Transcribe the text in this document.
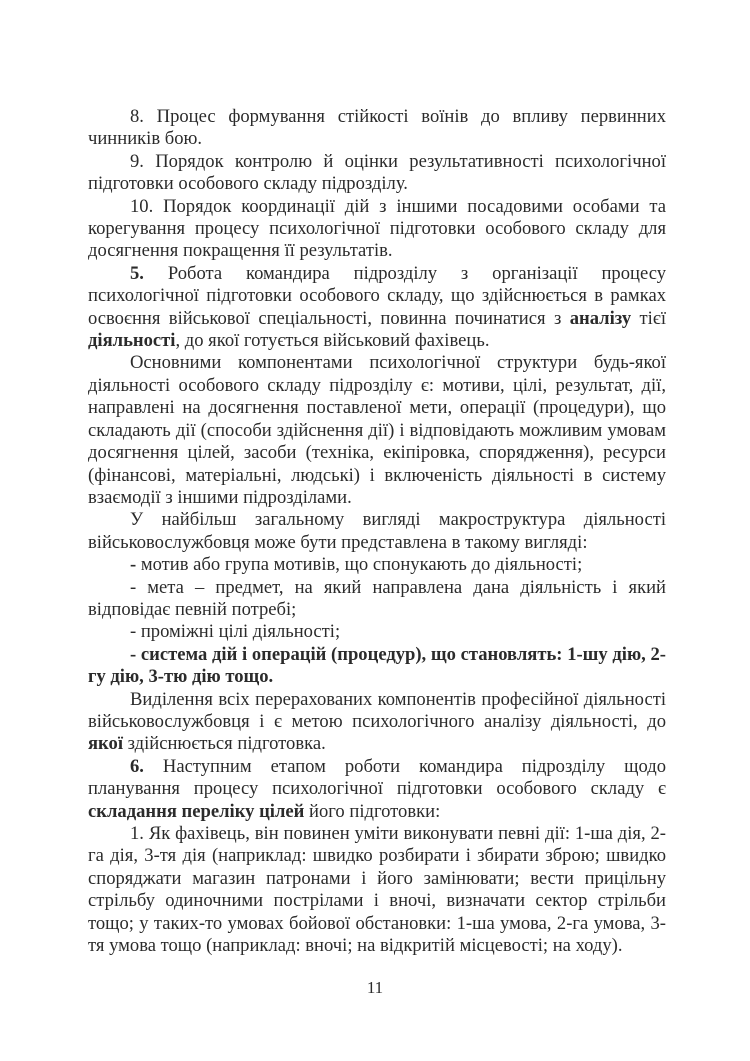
8. Процес формування стійкості воїнів до впливу первинних чинників бою.

9. Порядок контролю й оцінки результативності психологічної підготовки особового складу підрозділу.

10. Порядок координації дій з іншими посадовими особами та корегування процесу психологічної підготовки особового складу для досягнення покращення її результатів.

5. Робота командира підрозділу з організації процесу психологічної підготовки особового складу, що здійснюється в рамках освоєння військової спеціальності, повинна починатися з аналізу тієї діяльності, до якої готується військовий фахівець.

Основними компонентами психологічної структури будь-якої діяльності особового складу підрозділу є: мотиви, цілі, результат, дії, направлені на досягнення поставленої мети, операції (процедури), що складають дії (способи здійснення дії) і відповідають можливим умовам досягнення цілей, засоби (техніка, екіпіровка, спорядження), ресурси (фінансові, матеріальні, людські) і включеність діяльності в систему взаємодії з іншими підрозділами.

У найбільш загальному вигляді макроструктура діяльності військовослужбовця може бути представлена в такому вигляді:

- мотив або група мотивів, що спонукають до діяльності;

- мета – предмет, на який направлена дана діяльність і який відповідає певній потребі;

- проміжні цілі діяльності;

- система дій і операцій (процедур), що становлять: 1-шу дію, 2-гу дію, 3-тю дію тощо.

Виділення всіх перерахованих компонентів професійної діяльності військовослужбовця і є метою психологічного аналізу діяльності, до якої здійснюється підготовка.

6. Наступним етапом роботи командира підрозділу щодо планування процесу психологічної підготовки особового складу є складання переліку цілей його підготовки:

1. Як фахівець, він повинен уміти виконувати певні дії: 1-ша дія, 2-га дія, 3-тя дія (наприклад: швидко розбирати і збирати зброю; швидко споряджати магазин патронами і його замінювати; вести прицільну стрільбу одиночними пострілами і вночі, визначати сектор стрільби тощо; у таких-то умовах бойової обстановки: 1-ша умова, 2-га умова, 3-тя умова тощо (наприклад: вночі; на відкритій місцевості; на ходу).

11
